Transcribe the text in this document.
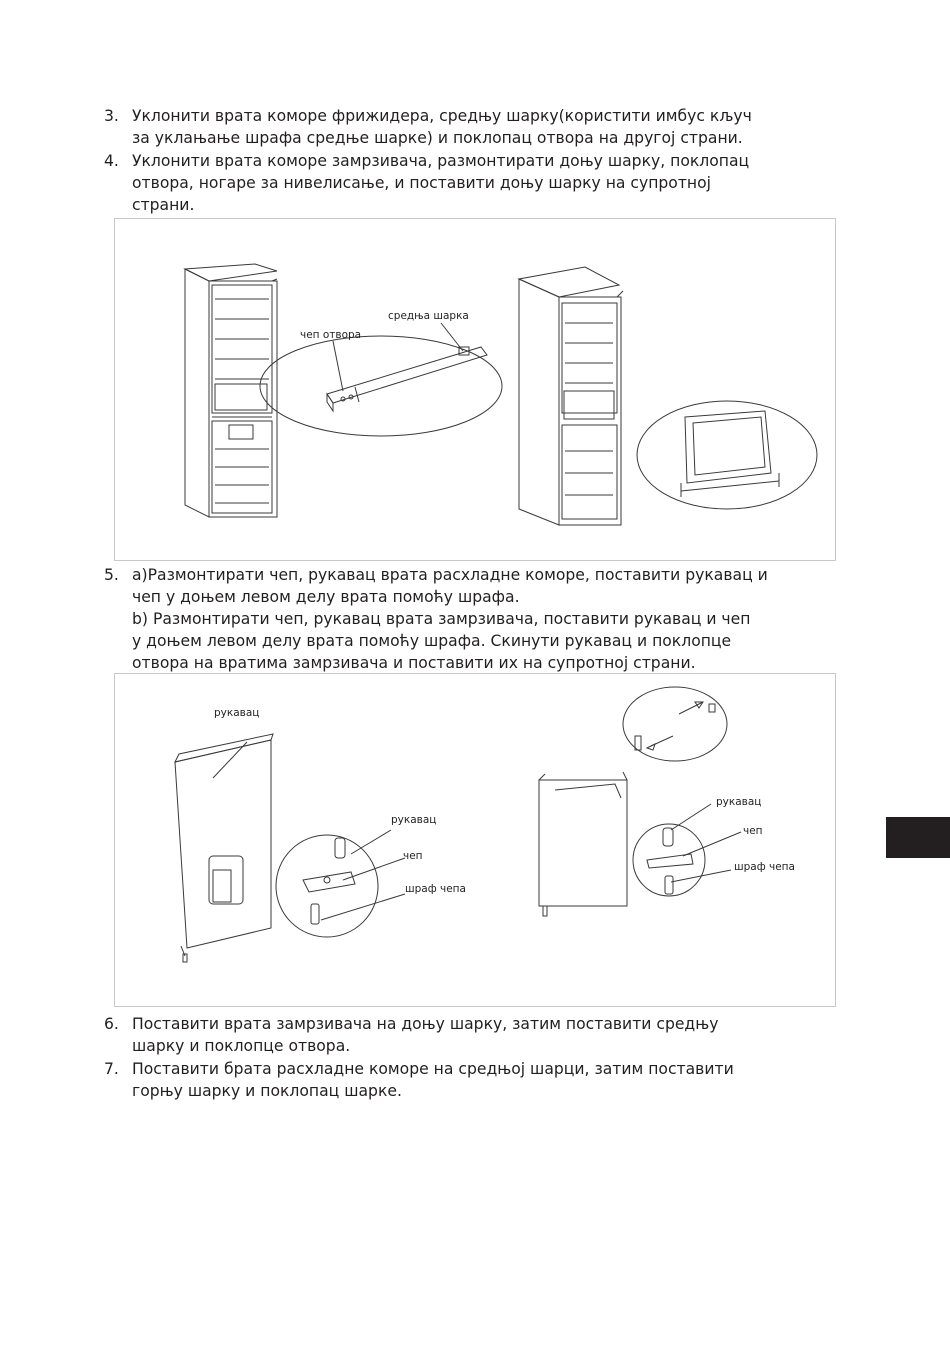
3. Уклонити врата коморе фрижидера, средњу шарку(користити имбус кључ
за уклањање шрафа средње шарке) и поклопац отвора на другој страни.
4. Уклонити врата коморе замрзивача, размонтирати доњу шарку, поклопац
отвора, ногаре за нивелисање, и поставити доњу шарку на супротној
страни.
чеп отвора
средња шарка
5. a)Размонтирати чеп, рукавац врата расхладне коморе, поставити рукавац и
чеп у доњем левом делу врата помоћу шрафа.
b) Размонтирати чеп, рукавац врата замрзивача, поставити рукавац и чеп
у доњем левом делу врата помоћу шрафа. Скинути рукавац и поклопце
отвора на вратима замрзивача и поставити их на супротној страни.
рукавац
рукавац
чеп
шраф чепа
рукавац
чеп
шраф чепа
6. Поставити врата замрзивача на доњу шарку, затим поставити средњу
шарку и поклопце отвора.
7. Поставити брата расхладне коморе на средњој шарци, затим поставити
горњу шарку и поклопац шарке.
